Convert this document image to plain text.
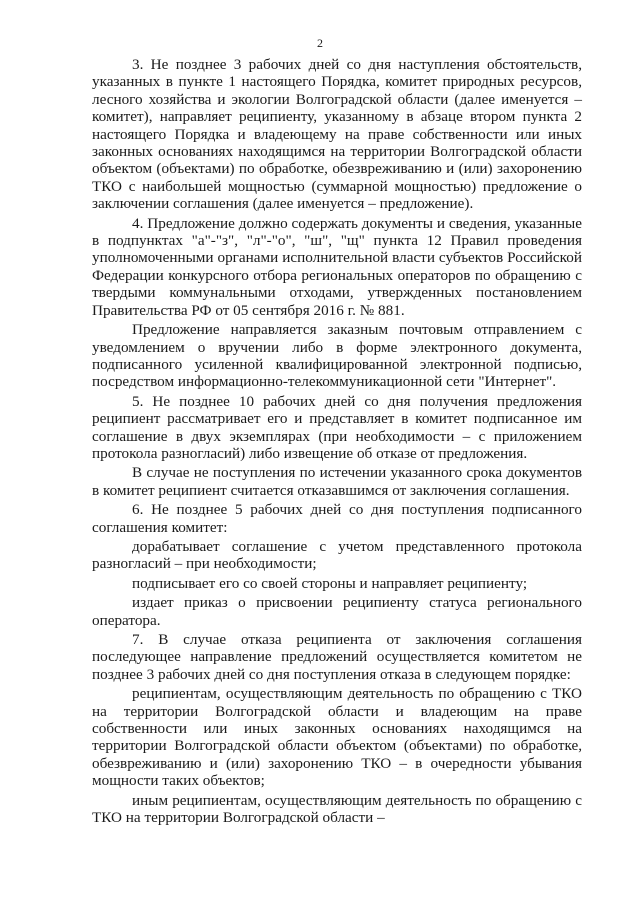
2

3. Не позднее 3 рабочих дней со дня наступления обстоятельств, указанных в пункте 1 настоящего Порядка, комитет природных ресурсов, лесного хозяйства и экологии Волгоградской области (далее именуется – комитет), направляет реципиенту, указанному в абзаце втором пункта 2 настоящего Порядка и владеющему на праве собственности или иных законных основаниях находящимся на территории Волгоградской области объектом (объектами) по обработке, обезвреживанию и (или) захоронению ТКО с наибольшей мощностью (суммарной мощностью) предложение о заключении соглашения (далее именуется – предложение).

4. Предложение должно содержать документы и сведения, указанные в подпунктах "а"-"з", "л"-"о", "ш", "щ" пункта 12 Правил проведения уполномоченными органами исполнительной власти субъектов Российской Федерации конкурсного отбора региональных операторов по обращению с твердыми коммунальными отходами, утвержденных постановлением Правительства РФ от 05 сентября 2016 г. № 881.

Предложение направляется заказным почтовым отправлением с уведомлением о вручении либо в форме электронного документа, подписанного усиленной квалифицированной электронной подписью, посредством информационно-телекоммуникационной сети "Интернет".

5. Не позднее 10 рабочих дней со дня получения предложения реципиент рассматривает его и представляет в комитет подписанное им соглашение в двух экземплярах (при необходимости – с приложением протокола разногласий) либо извещение об отказе от предложения.

В случае не поступления по истечении указанного срока документов в комитет реципиент считается отказавшимся от заключения соглашения.

6. Не позднее 5 рабочих дней со дня поступления подписанного соглашения комитет:

дорабатывает соглашение с учетом представленного протокола разногласий – при необходимости;

подписывает его со своей стороны и направляет реципиенту;

издает приказ о присвоении реципиенту статуса регионального оператора.

7. В случае отказа реципиента от заключения соглашения последующее направление предложений осуществляется комитетом не позднее 3 рабочих дней со дня поступления отказа в следующем порядке:

реципиентам, осуществляющим деятельность по обращению с ТКО на территории Волгоградской области и владеющим на праве собственности или иных законных основаниях находящимся на территории Волгоградской области объектом (объектами) по обработке, обезвреживанию и (или) захоронению ТКО – в очередности убывания мощности таких объектов;

иным реципиентам, осуществляющим деятельность по обращению с ТКО на территории Волгоградской области –
